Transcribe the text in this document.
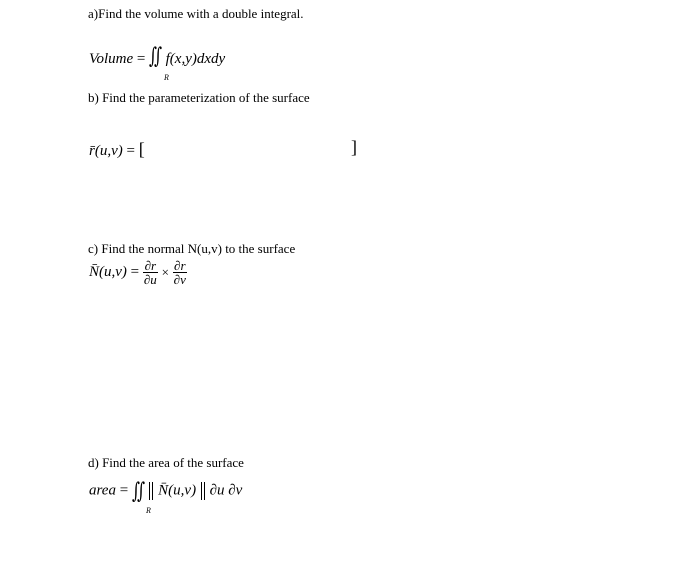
a)Find the volume with a double integral.
Volume = ∬ f(x,y)dxdy
R
b) Find the parameterization of the surface
r̄(u,v) = [	]
c) Find the normal N(u,v) to the surface
N̄(u,v) = $\frac{\partial r}{\partial u} \times \frac{\partial r}{\partial v}$
d) Find the area of the surface
area = ∬ N̄(u,v) ∂u ∂v
R
